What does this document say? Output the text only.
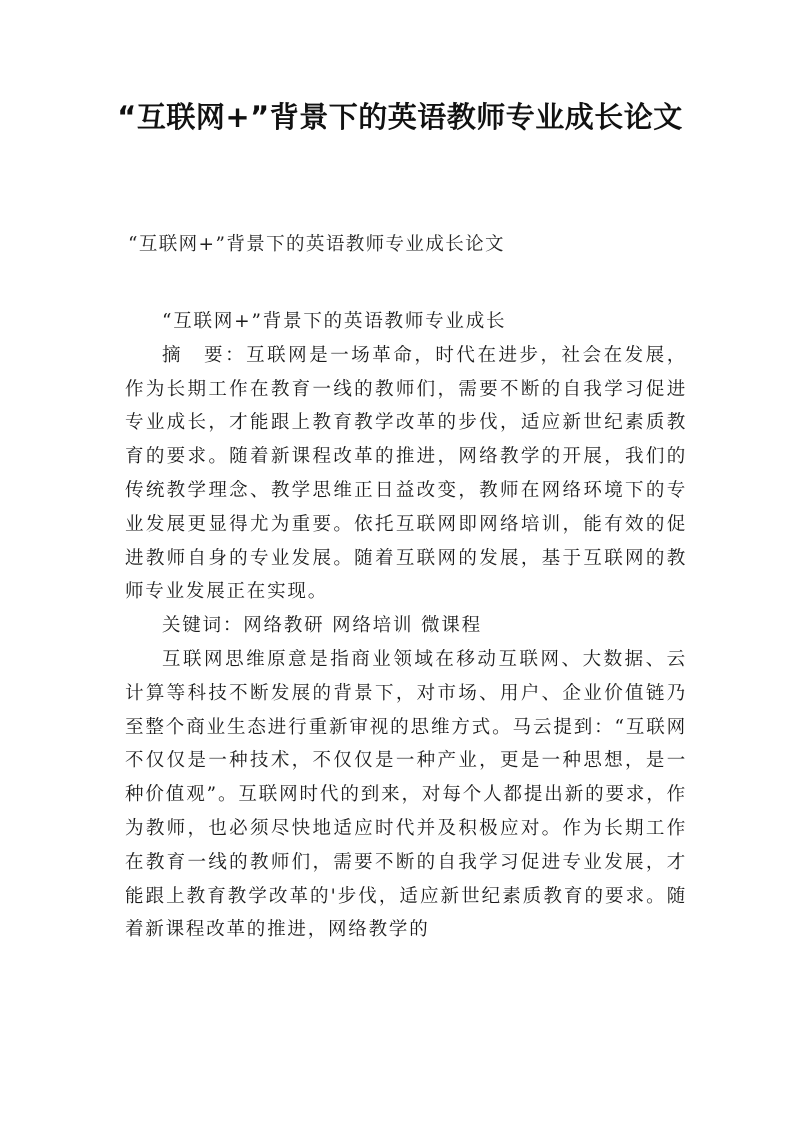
“互联网+”背景下的英语教师专业成长论文
“互联网+”背景下的英语教师专业成长论文

“互联网+”背景下的英语教师专业成长

摘　要：互联网是一场革命，时代在进步，社会在发展，作为长期工作在教育一线的教师们，需要不断的自我学习促进专业成长，才能跟上教育教学改革的步伐，适应新世纪素质教育的要求。随着新课程改革的推进，网络教学的开展，我们的传统教学理念、教学思维正日益改变，教师在网络环境下的专业发展更显得尤为重要。依托互联网即网络培训，能有效的促进教师自身的专业发展。随着互联网的发展，基于互联网的教师专业发展正在实现。

关键词：网络教研 网络培训 微课程

互联网思维原意是指商业领域在移动互联网、大数据、云计算等科技不断发展的背景下，对市场、用户、企业价值链乃至整个商业生态进行重新审视的思维方式。马云提到：“互联网不仅仅是一种技术，不仅仅是一种产业，更是一种思想，是一种价值观”。互联网时代的到来，对每个人都提出新的要求，作为教师，也必须尽快地适应时代并及积极应对。作为长期工作在教育一线的教师们，需要不断的自我学习促进专业发展，才能跟上教育教学改革的'步伐，适应新世纪素质教育的要求。随着新课程改革的推进，网络教学的
